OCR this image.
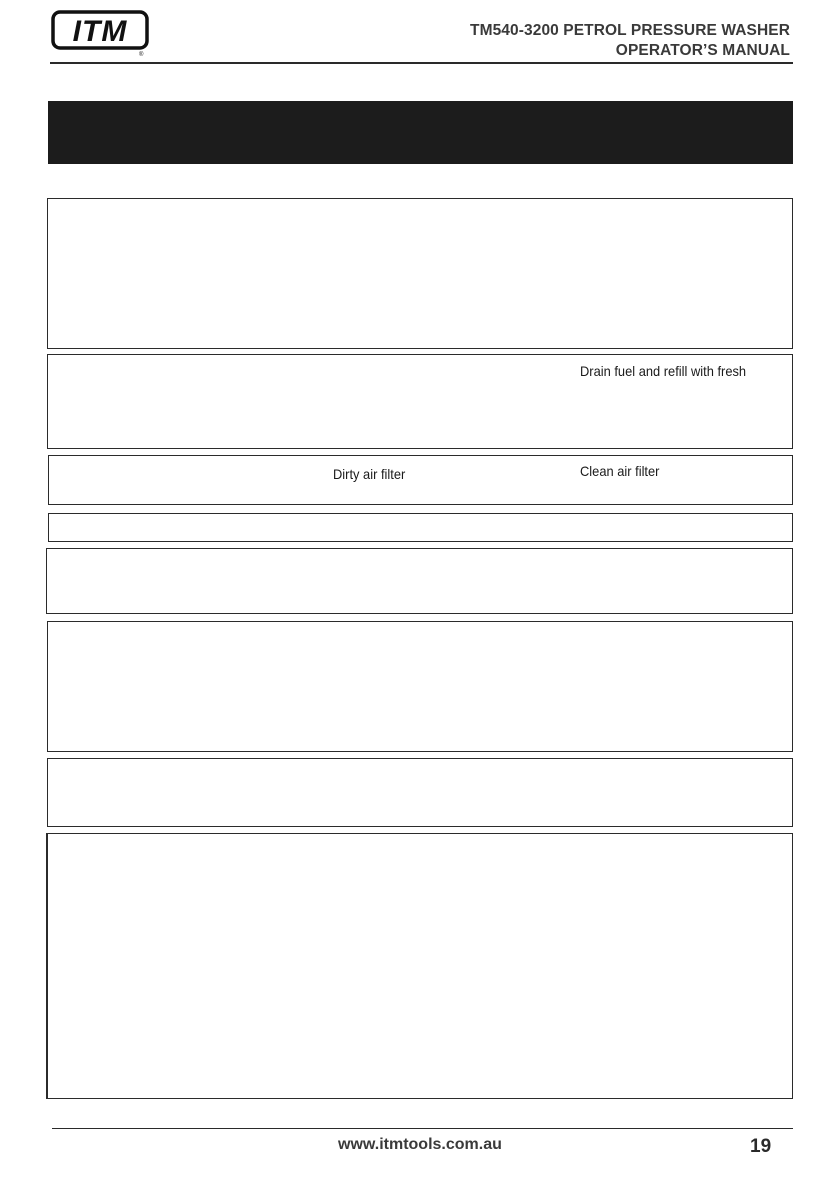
ITM
®
TM540-3200 PETROL PRESSURE WASHER
OPERATOR’S MANUAL
Drain fuel and refill with fresh
Dirty air filter	Clean air filter
www.itmtools.com.au	19
